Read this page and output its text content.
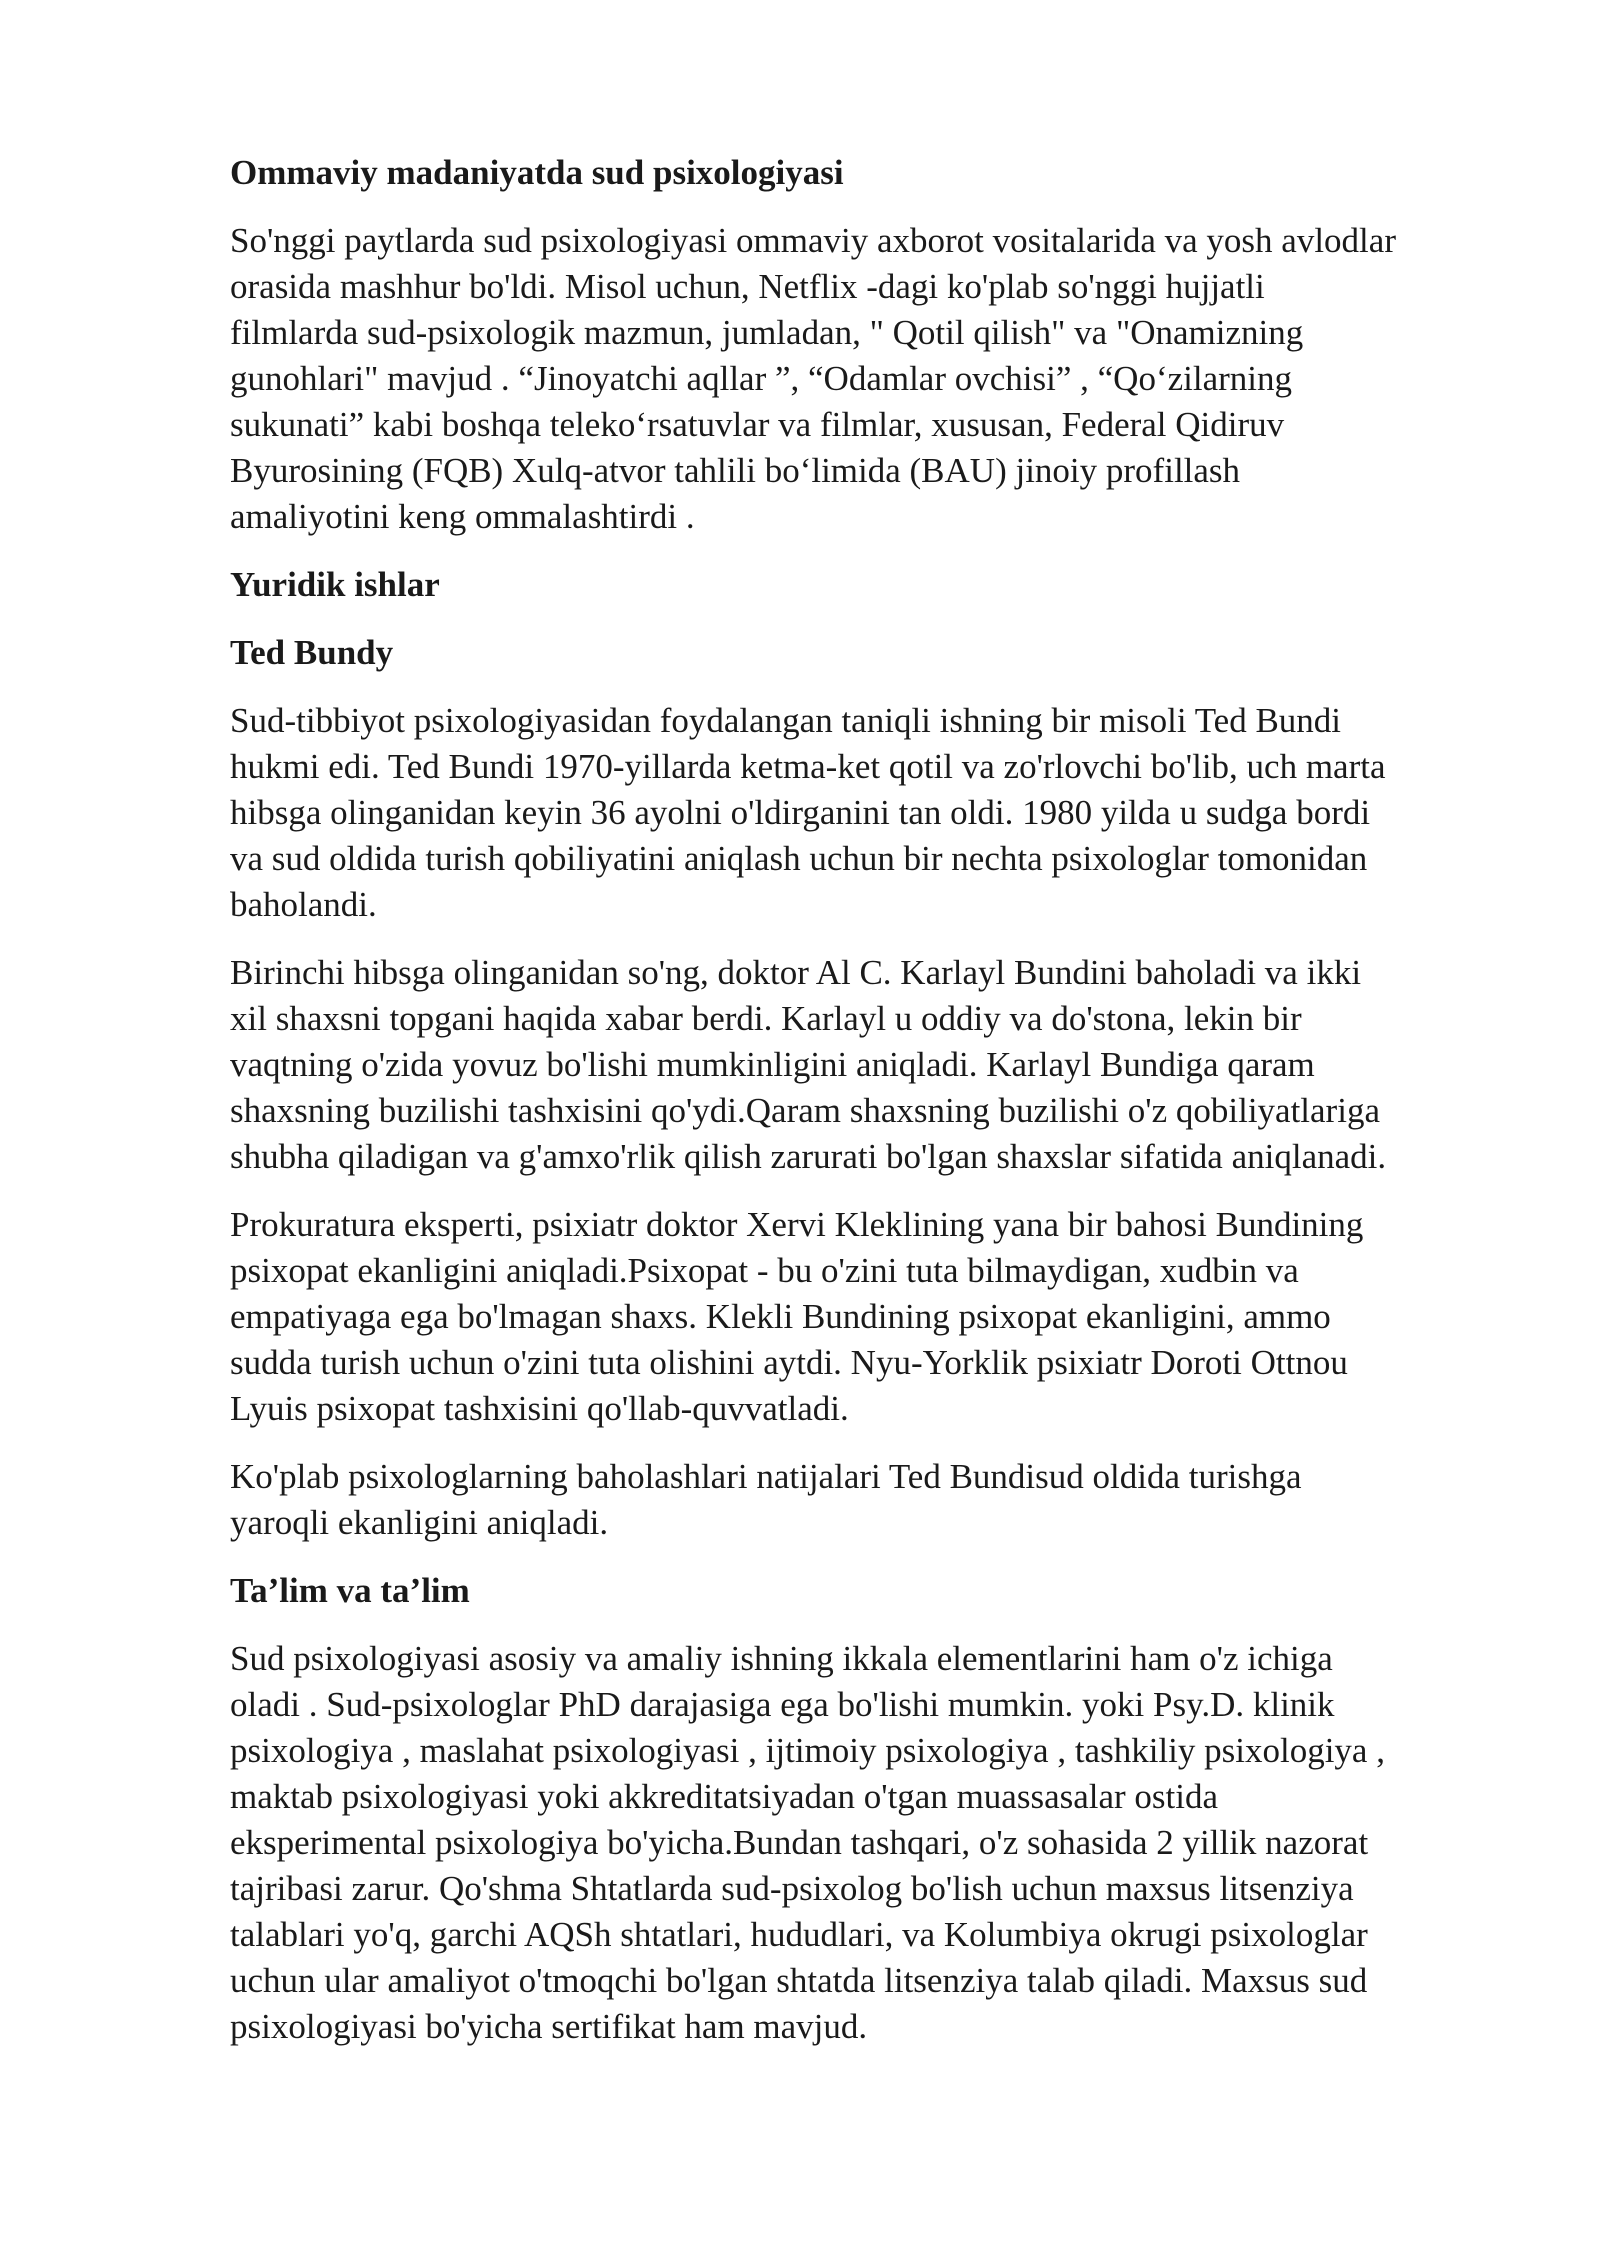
Ommaviy madaniyatda sud psixologiyasi
So'nggi paytlarda sud psixologiyasi ommaviy axborot vositalarida va yosh avlodlar
orasida mashhur bo'ldi. Misol uchun, Netflix -dagi ko'plab so'nggi hujjatli
filmlarda sud-psixologik mazmun, jumladan, " Qotil qilish" va "Onamizning
gunohlari" mavjud . “Jinoyatchi aqllar ”, “Odamlar ovchisi” , “Qo‘zilarning
sukunati” kabi boshqa teleko‘rsatuvlar va filmlar, xususan, Federal Qidiruv
Byurosining (FQB) Xulq-atvor tahlili bo‘limida (BAU) jinoiy profillash
amaliyotini keng ommalashtirdi .
Yuridik ishlar
Ted Bundy
Sud-tibbiyot psixologiyasidan foydalangan taniqli ishning bir misoli Ted Bundi
hukmi edi. Ted Bundi 1970-yillarda ketma-ket qotil va zo'rlovchi bo'lib, uch marta
hibsga olinganidan keyin 36 ayolni o'ldirganini tan oldi. 1980 yilda u sudga bordi
va sud oldida turish qobiliyatini aniqlash uchun bir nechta psixologlar tomonidan
baholandi.
Birinchi hibsga olinganidan so'ng, doktor Al C. Karlayl Bundini baholadi va ikki
xil shaxsni topgani haqida xabar berdi. Karlayl u oddiy va do'stona, lekin bir
vaqtning o'zida yovuz bo'lishi mumkinligini aniqladi. Karlayl Bundiga qaram
shaxsning buzilishi tashxisini qo'ydi.Qaram shaxsning buzilishi o'z qobiliyatlariga
shubha qiladigan va g'amxo'rlik qilish zarurati bo'lgan shaxslar sifatida aniqlanadi.
Prokuratura eksperti, psixiatr doktor Xervi Kleklining yana bir bahosi Bundining
psixopat ekanligini aniqladi.Psixopat - bu o'zini tuta bilmaydigan, xudbin va
empatiyaga ega bo'lmagan shaxs. Klekli Bundining psixopat ekanligini, ammo
sudda turish uchun o'zini tuta olishini aytdi. Nyu-Yorklik psixiatr Doroti Ottnou
Lyuis psixopat tashxisini qo'llab-quvvatladi.
Ko'plab psixologlarning baholashlari natijalari Ted Bundisud oldida turishga
yaroqli ekanligini aniqladi.
Ta’lim va ta’lim
Sud psixologiyasi asosiy va amaliy ishning ikkala elementlarini ham o'z ichiga
oladi . Sud-psixologlar PhD darajasiga ega bo'lishi mumkin. yoki Psy.D. klinik
psixologiya , maslahat psixologiyasi , ijtimoiy psixologiya , tashkiliy psixologiya ,
maktab psixologiyasi yoki akkreditatsiyadan o'tgan muassasalar ostida
eksperimental psixologiya bo'yicha.Bundan tashqari, o'z sohasida 2 yillik nazorat
tajribasi zarur. Qo'shma Shtatlarda sud-psixolog bo'lish uchun maxsus litsenziya
talablari yo'q, garchi AQSh shtatlari, hududlari, va Kolumbiya okrugi psixologlar
uchun ular amaliyot o'tmoqchi bo'lgan shtatda litsenziya talab qiladi. Maxsus sud
psixologiyasi bo'yicha sertifikat ham mavjud.
